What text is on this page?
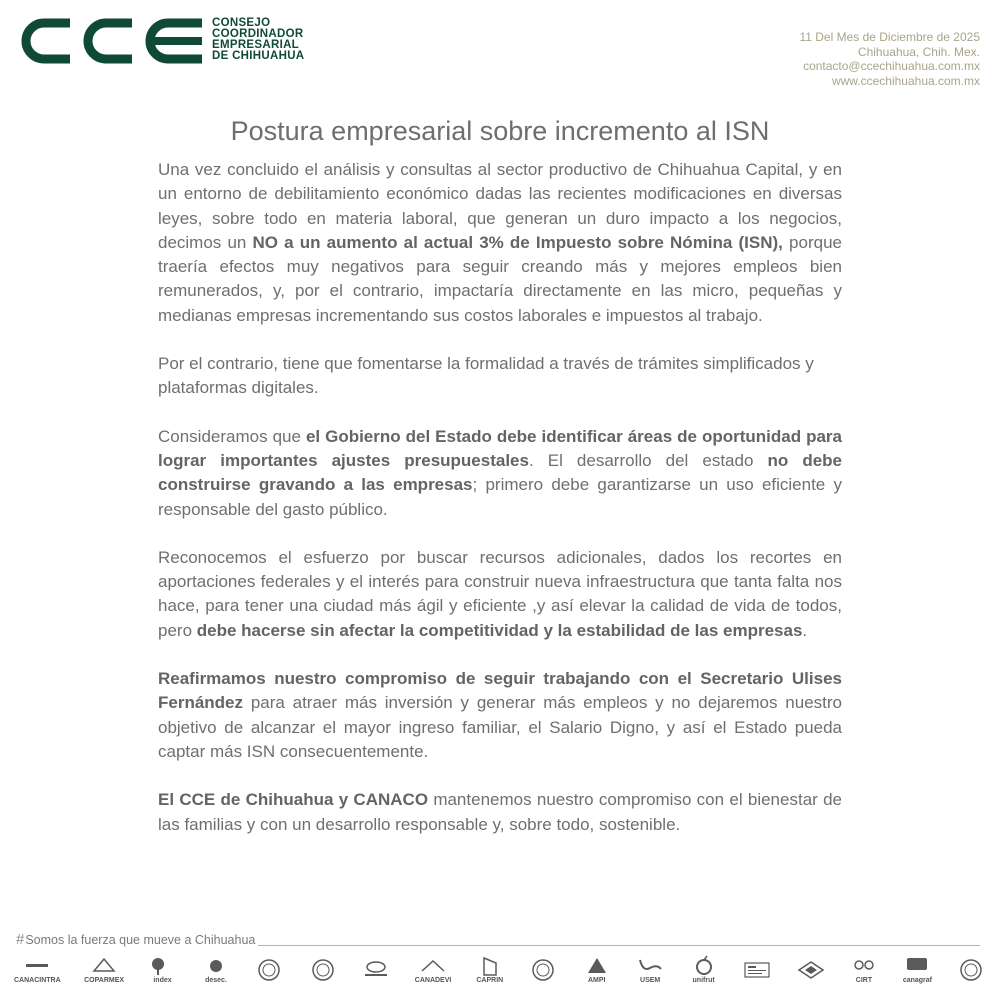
CONSEJO
COORDINADOR
EMPRESARIAL
DE CHIHUAHUA
11 Del Mes de Diciembre de 2025
Chihuahua, Chih. Mex.
contacto@ccechihuahua.com.mx
www.ccechihuahua.com.mx
Postura empresarial sobre incremento al ISN

Una vez concluido el análisis y consultas al sector productivo de Chihuahua Capital, y en un entorno de debilitamiento económico dadas las recientes modificaciones en diversas leyes, sobre todo en materia laboral, que generan un duro impacto a los negocios, decimos un NO a un aumento al actual 3% de Impuesto sobre Nómina (ISN), porque traería efectos muy negativos para seguir creando más y mejores empleos bien remunerados, y, por el contrario, impactaría directamente en las micro, pequeñas y medianas empresas incrementando sus costos laborales e impuestos al trabajo.

Por el contrario, tiene que fomentarse la formalidad a través de trámites simplificados y plataformas digitales.

Consideramos que el Gobierno del Estado debe identificar áreas de oportunidad para lograr importantes ajustes presupuestales. El desarrollo del estado no debe construirse gravando a las empresas; primero debe garantizarse un uso eficiente y responsable del gasto público.

Reconocemos el esfuerzo por buscar recursos adicionales, dados los recortes en aportaciones federales y el interés para construir nueva infraestructura que tanta falta nos hace, para tener una ciudad más ágil y eficiente ,y así elevar la calidad de vida de todos, pero debe hacerse sin afectar la competitividad y la estabilidad de las empresas.

Reafirmamos nuestro compromiso de seguir trabajando con el Secretario Ulises Fernández para atraer más inversión y generar más empleos y no dejaremos nuestro objetivo de alcanzar el mayor ingreso familiar, el Salario Digno, y así el Estado pueda captar más ISN consecuentemente.

El CCE de Chihuahua y CANACO mantenemos nuestro compromiso con el bienestar de las familias y con un desarrollo responsable y, sobre todo, sostenible.

# Somos la fuerza que mueve a Chihuahua
CANACINTRA	COPARMEX	index	desec.	CANADEVI	CAPRIN	AMPI	USEM	unifrut	CIRT	canagraf
